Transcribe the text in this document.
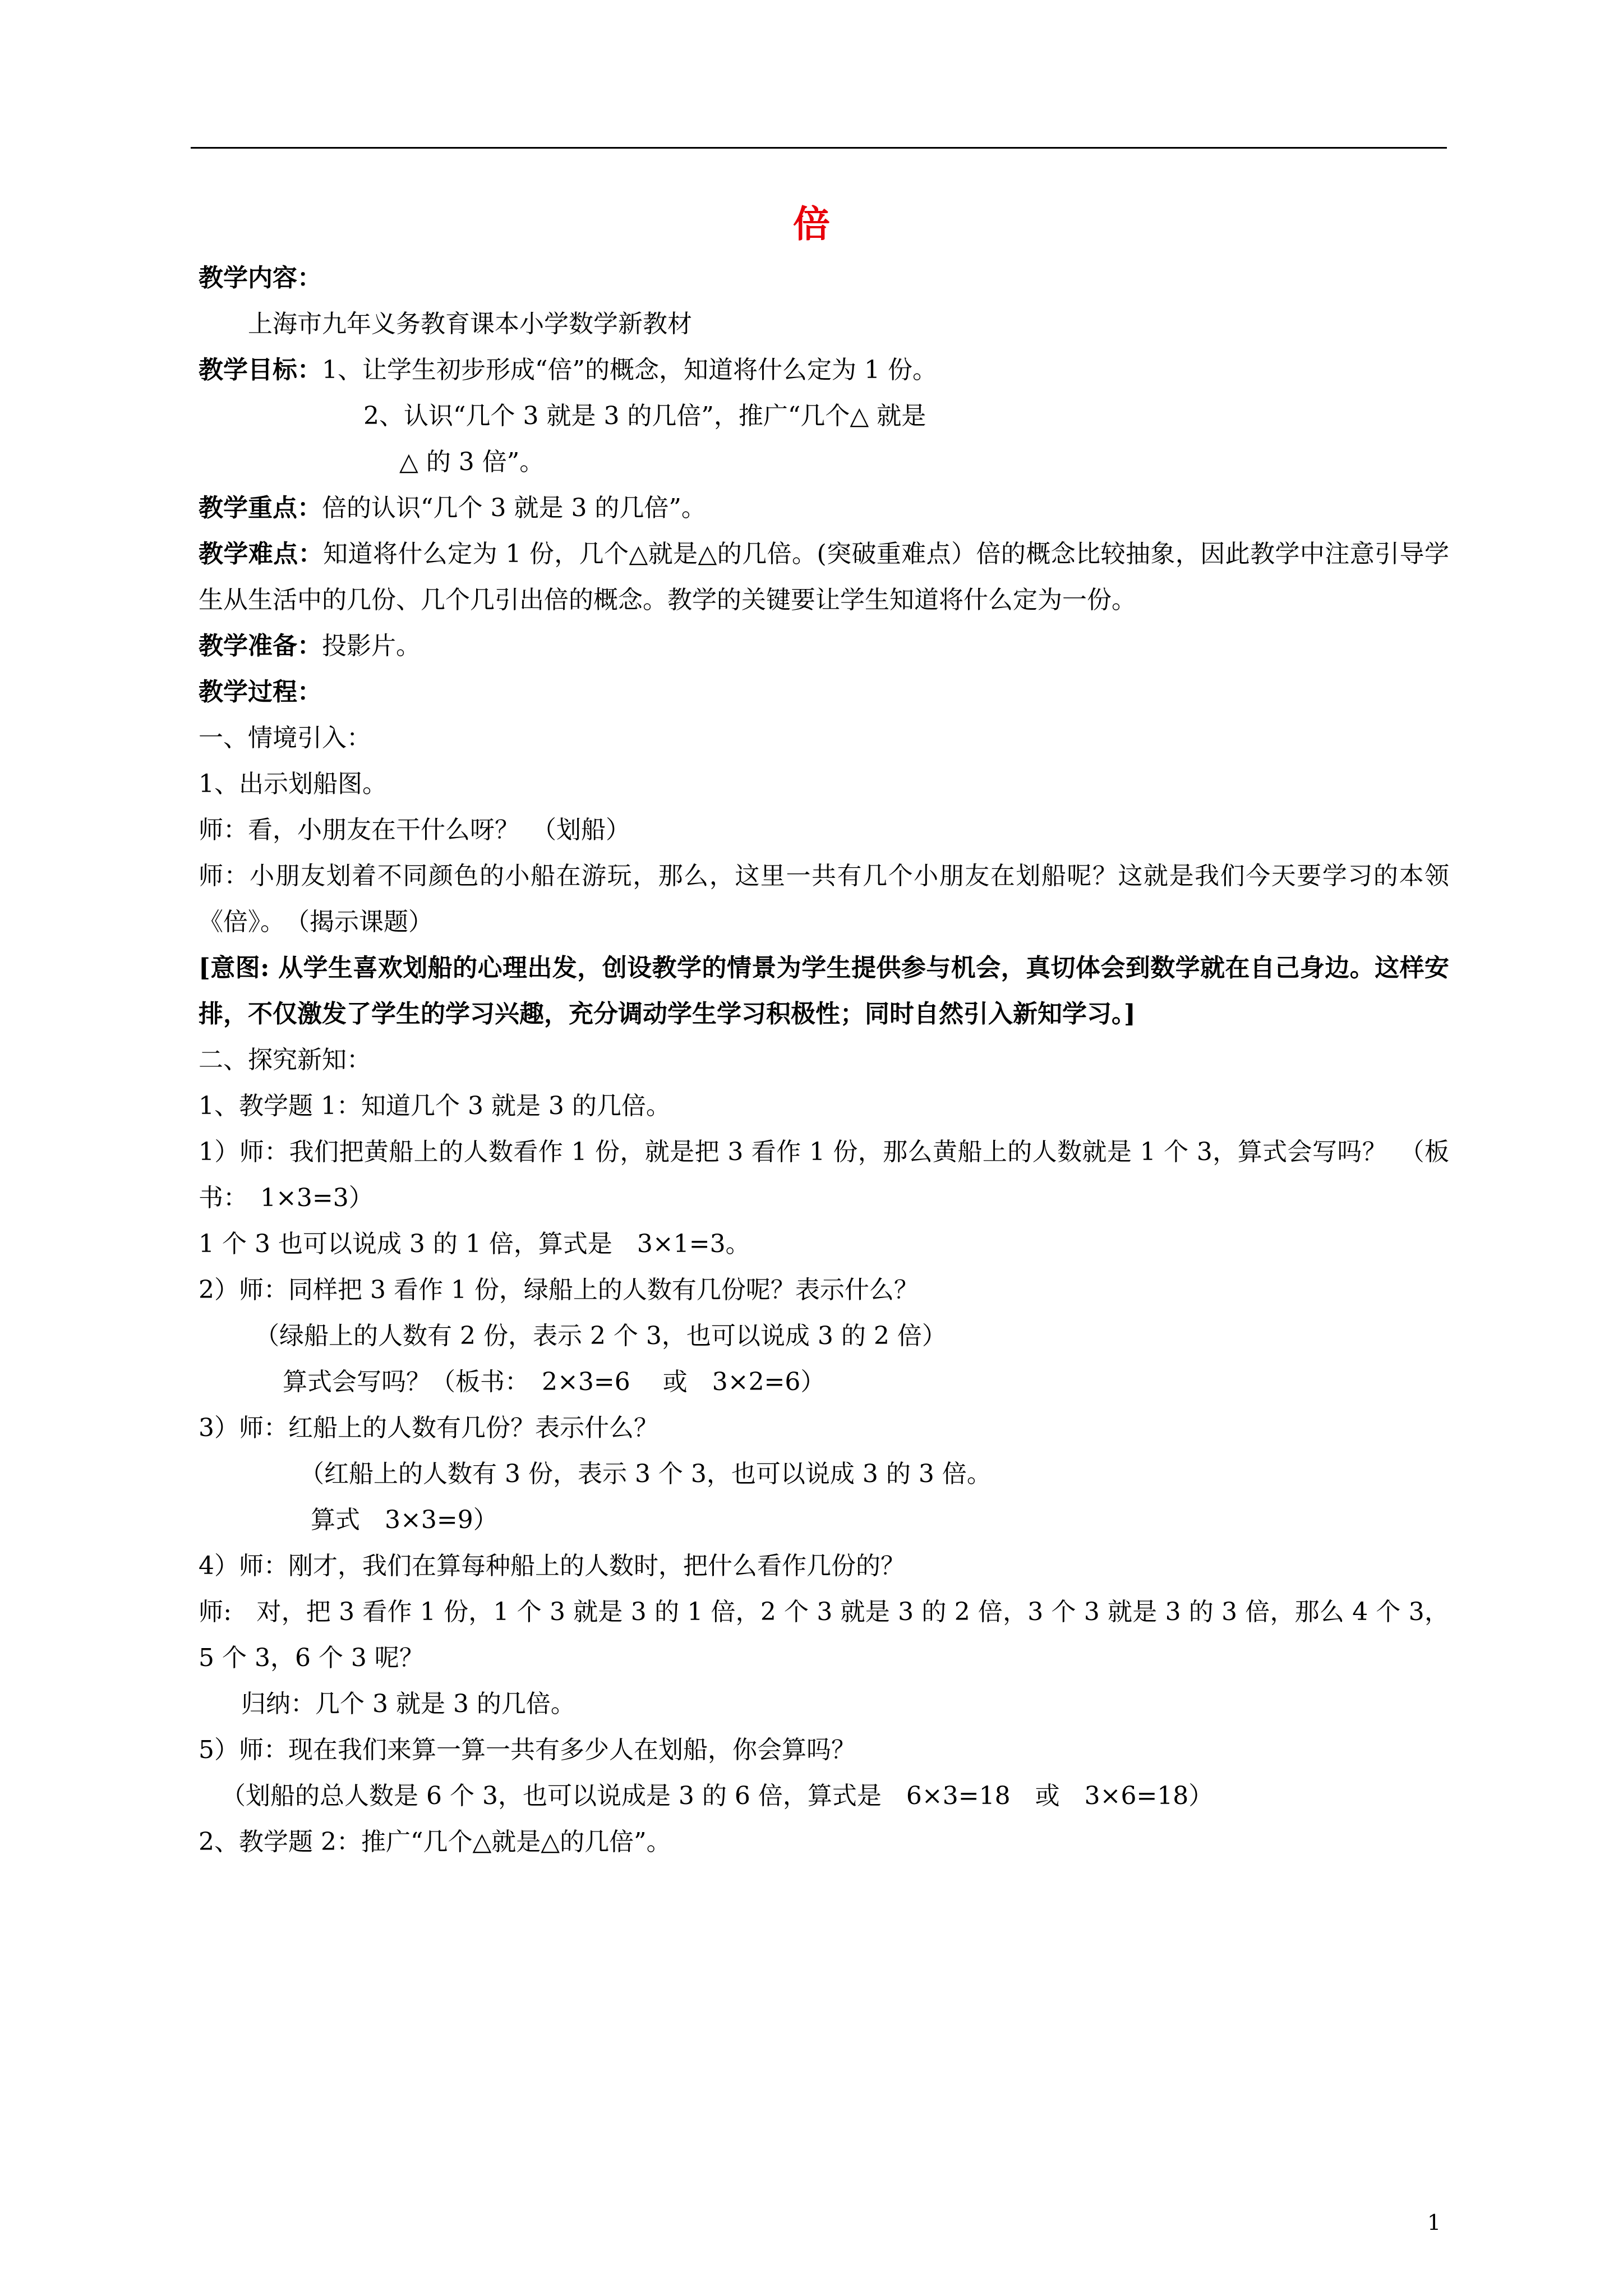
倍

教学内容：

上海市九年义务教育课本小学数学新教材

教学目标：1、让学生初步形成“倍”的概念，知道将什么定为 1 份。

2、认识“几个 3 就是 3 的几倍”，推广“几个△ 就是

△ 的 3 倍”。

教学重点：倍的认识“几个 3 就是 3 的几倍”。

教学难点：知道将什么定为 1 份，几个△就是△的几倍。(突破重难点）倍的概念比较抽象，因此教学中注意引导学生从生活中的几份、几个几引出倍的概念。教学的关键要让学生知道将什么定为一份。

教学准备：投影片。

教学过程：

一、情境引入：

1、出示划船图。

师：看，小朋友在干什么呀？　（划船）

师：小朋友划着不同颜色的小船在游玩，那么，这里一共有几个小朋友在划船呢？这就是我们今天要学习的本领《倍》。　（揭示课题）

[意图: 从学生喜欢划船的心理出发，创设教学的情景为学生提供参与机会，真切体会到数学就在自己身边。这样安排，不仅激发了学生的学习兴趣，充分调动学生学习积极性；同时自然引入新知学习。]

二、探究新知：

1、教学题 1：知道几个 3 就是 3 的几倍。

1）师：我们把黄船上的人数看作 1 份，就是把 3 看作 1 份，那么黄船上的人数就是 1 个 3，算式会写吗？　（板书：　1×3=3）

1 个 3 也可以说成 3 的 1 倍，算式是　3×1=3。

2）师：同样把 3 看作 1 份，绿船上的人数有几份呢？表示什么？

（绿船上的人数有 2 份，表示 2 个 3，也可以说成 3 的 2 倍）

算式会写吗？（板书：　2×3=6　 或　3×2=6）

3）师：红船上的人数有几份？表示什么？

（红船上的人数有 3 份，表示 3 个 3，也可以说成 3 的 3 倍。

算式　3×3=9）

4）师：刚才，我们在算每种船上的人数时，把什么看作几份的？

师:　对，把 3 看作 1 份，1 个 3 就是 3 的 1 倍，2 个 3 就是 3 的 2 倍，3 个 3 就是 3 的 3 倍，那么 4 个 3，5 个 3，6 个 3 呢？

归纳：几个 3 就是 3 的几倍。

5）师：现在我们来算一算一共有多少人在划船，你会算吗？

（划船的总人数是 6 个 3，也可以说成是 3 的 6 倍，算式是　6×3=18　或　3×6=18）

2、教学题 2：推广“几个△就是△的几倍”。

1
